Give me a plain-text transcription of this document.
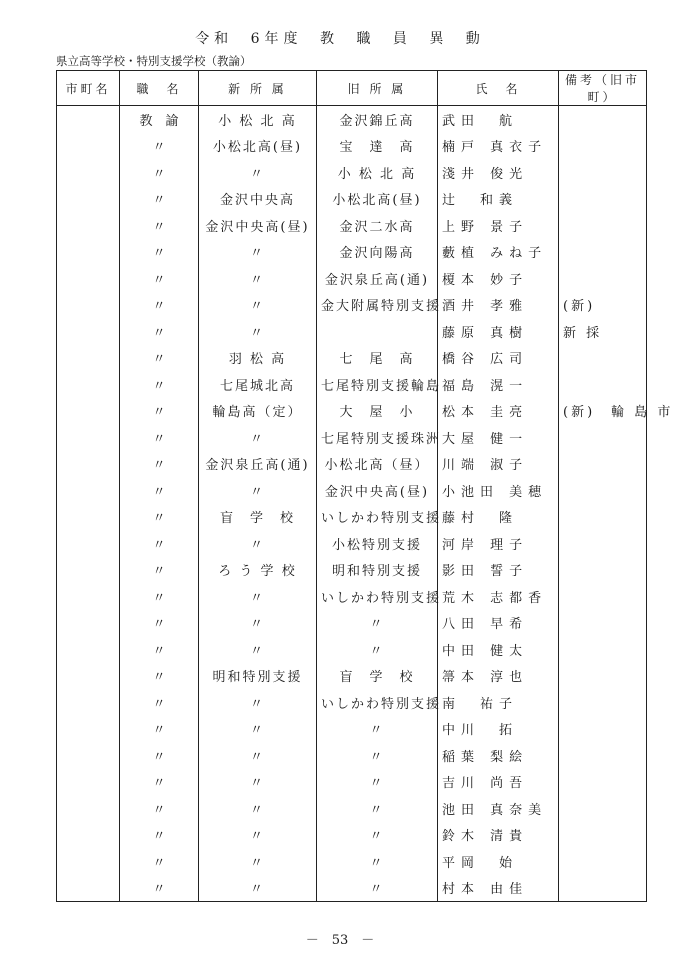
令和 6年度 教 職 員 異 動
県立高等学校・特別支援学校（教論）
市町名	職　名	新 所 属	旧 所 属	氏　名	備考（旧市町）
	教　諭	小 松 北 高	金沢錦丘高	武田　航	
	〃	小松北高(昼)	宝　達　高	楠戸 真衣子	
	〃	〃	小 松 北 高	淺井 俊光	
	〃	金沢中央高	小松北高(昼)	辻　和義	
	〃	金沢中央高(昼)	金沢二水高	上野 景子	
	〃	〃	金沢向陽高	藪植 みね子	
	〃	〃	金沢泉丘高(通)	榎本 妙子	
	〃	〃	金大附属特別支援	酒井 孝雅	(新)
	〃	〃		藤原 真樹	新 採
	〃	羽 松 高	七　尾　高	橋谷 広司	
	〃	七尾城北高	七尾特別支援輪島	福島 滉一	
	〃	輪島高（定）	大　屋　小	松本 圭亮	(新)　輪 島 市
	〃	〃	七尾特別支援珠洲	大屋 健一	
	〃	金沢泉丘高(通)	小松北高（昼）	川端 淑子	
	〃	〃	金沢中央高(昼)	小池田 美穂	
	〃	盲　学　校	いしかわ特別支援	藤村　隆	
	〃	〃	小松特別支援	河岸 理子	
	〃	ろ う 学 校	明和特別支援	影田 誓子	
	〃	〃	いしかわ特別支援	荒木 志都香	
	〃	〃	〃	八田 早希	
	〃	〃	〃	中田 健太	
	〃	明和特別支援	盲　学　校	箒本 淳也	
	〃	〃	いしかわ特別支援	南　祐子	
	〃	〃	〃	中川　拓	
	〃	〃	〃	稲葉 梨絵	
	〃	〃	〃	吉川 尚吾	
	〃	〃	〃	池田 真奈美	
	〃	〃	〃	鈴木 清貴	
	〃	〃	〃	平岡　始	
	〃	〃	〃	村本 由佳	
－　53　－
